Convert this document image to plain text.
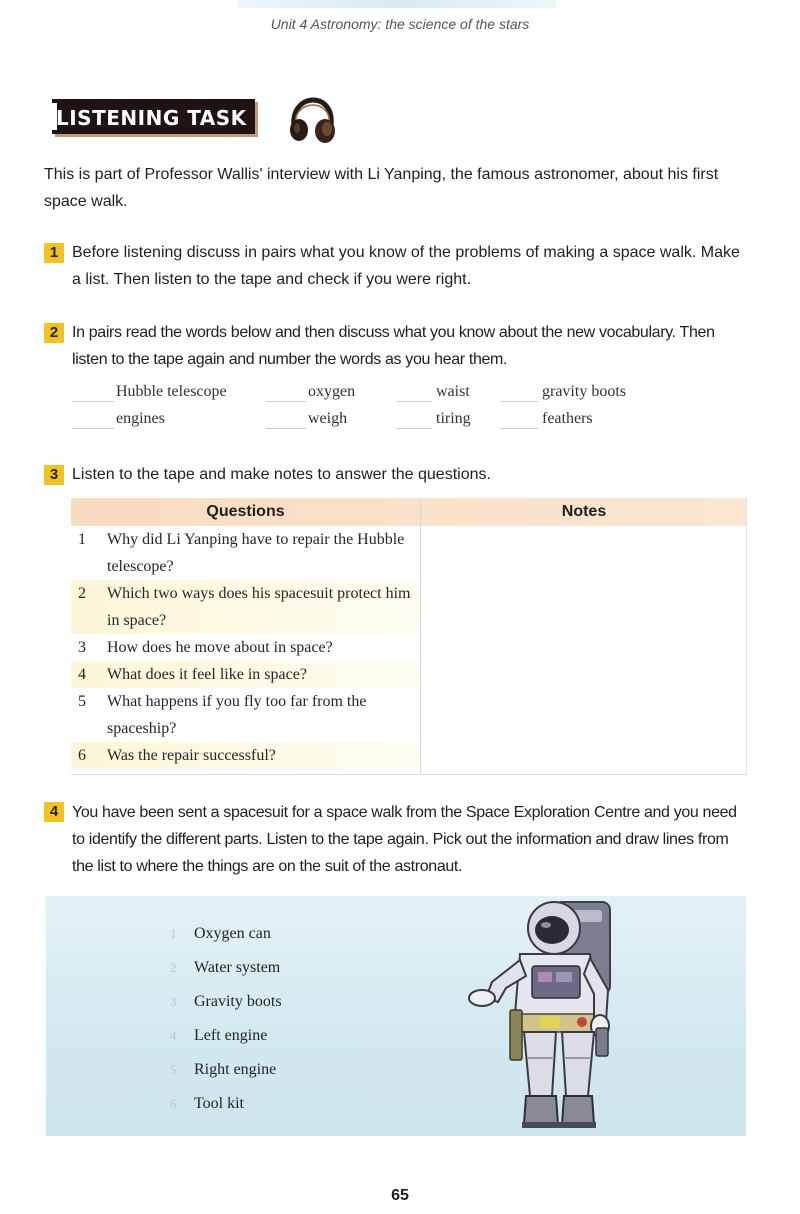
Unit 4 Astronomy: the science of the stars
LISTENING TASK
This is part of Professor Wallis' interview with Li Yanping, the famous astronomer, about his first space walk.
1 Before listening discuss in pairs what you know of the problems of making a space walk. Make a list. Then listen to the tape and check if you were right.
2 In pairs read the words below and then discuss what you know about the new vocabulary. Then listen to the tape again and number the words as you hear them.
Hubble telescope	oxygen	waist	gravity boots
engines	weigh	tiring	feathers
3 Listen to the tape and make notes to answer the questions.
Questions	Notes
1	Why did Li Yanping have to repair the Hubble telescope?
2	Which two ways does his spacesuit protect him in space?
3	How does he move about in space?
4	What does it feel like in space?
5	What happens if you fly too far from the spaceship?
6	Was the repair successful?
4 You have been sent a spacesuit for a space walk from the Space Exploration Centre and you need to identify the different parts. Listen to the tape again. Pick out the information and draw lines from the list to where the things are on the suit of the astronaut.
1	Oxygen can
2	Water system
3	Gravity boots
4	Left engine
5	Right engine
6	Tool kit
65
